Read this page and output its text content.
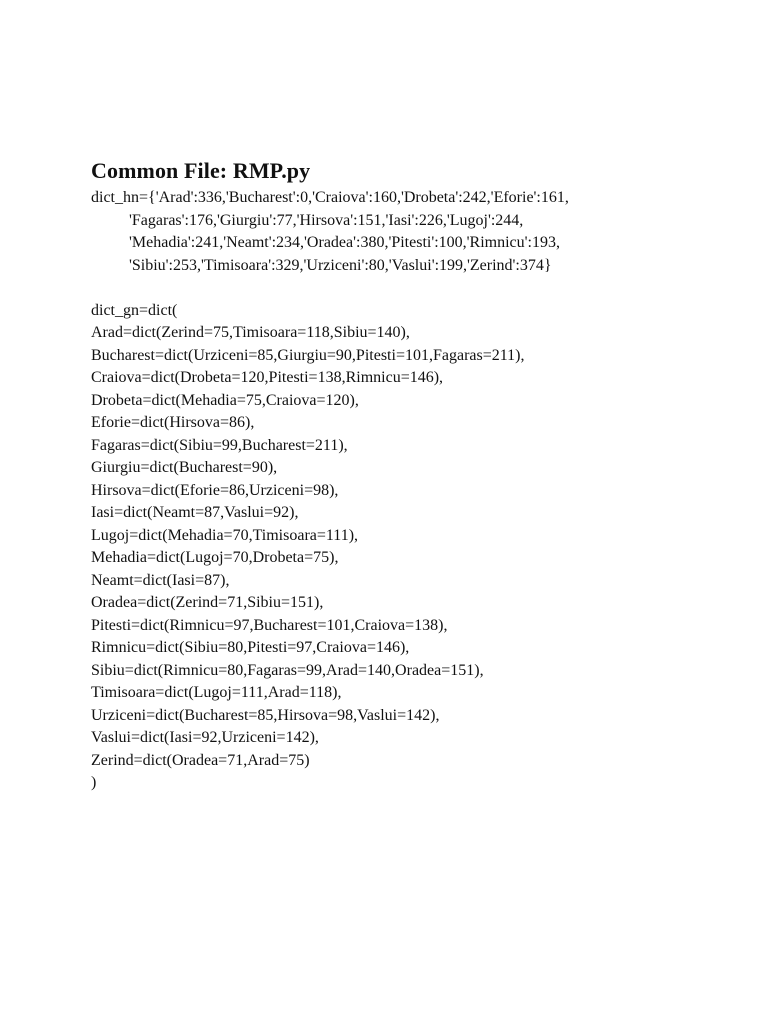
Common File: RMP.py
dict_hn={'Arad':336,'Bucharest':0,'Craiova':160,'Drobeta':242,'Eforie':161,
'Fagaras':176,'Giurgiu':77,'Hirsova':151,'Iasi':226,'Lugoj':244,
'Mehadia':241,'Neamt':234,'Oradea':380,'Pitesti':100,'Rimnicu':193,
'Sibiu':253,'Timisoara':329,'Urziceni':80,'Vaslui':199,'Zerind':374}
dict_gn=dict(
Arad=dict(Zerind=75,Timisoara=118,Sibiu=140),
Bucharest=dict(Urziceni=85,Giurgiu=90,Pitesti=101,Fagaras=211),
Craiova=dict(Drobeta=120,Pitesti=138,Rimnicu=146),
Drobeta=dict(Mehadia=75,Craiova=120),
Eforie=dict(Hirsova=86),
Fagaras=dict(Sibiu=99,Bucharest=211),
Giurgiu=dict(Bucharest=90),
Hirsova=dict(Eforie=86,Urziceni=98),
Iasi=dict(Neamt=87,Vaslui=92),
Lugoj=dict(Mehadia=70,Timisoara=111),
Mehadia=dict(Lugoj=70,Drobeta=75),
Neamt=dict(Iasi=87),
Oradea=dict(Zerind=71,Sibiu=151),
Pitesti=dict(Rimnicu=97,Bucharest=101,Craiova=138),
Rimnicu=dict(Sibiu=80,Pitesti=97,Craiova=146),
Sibiu=dict(Rimnicu=80,Fagaras=99,Arad=140,Oradea=151),
Timisoara=dict(Lugoj=111,Arad=118),
Urziceni=dict(Bucharest=85,Hirsova=98,Vaslui=142),
Vaslui=dict(Iasi=92,Urziceni=142),
Zerind=dict(Oradea=71,Arad=75)
)
